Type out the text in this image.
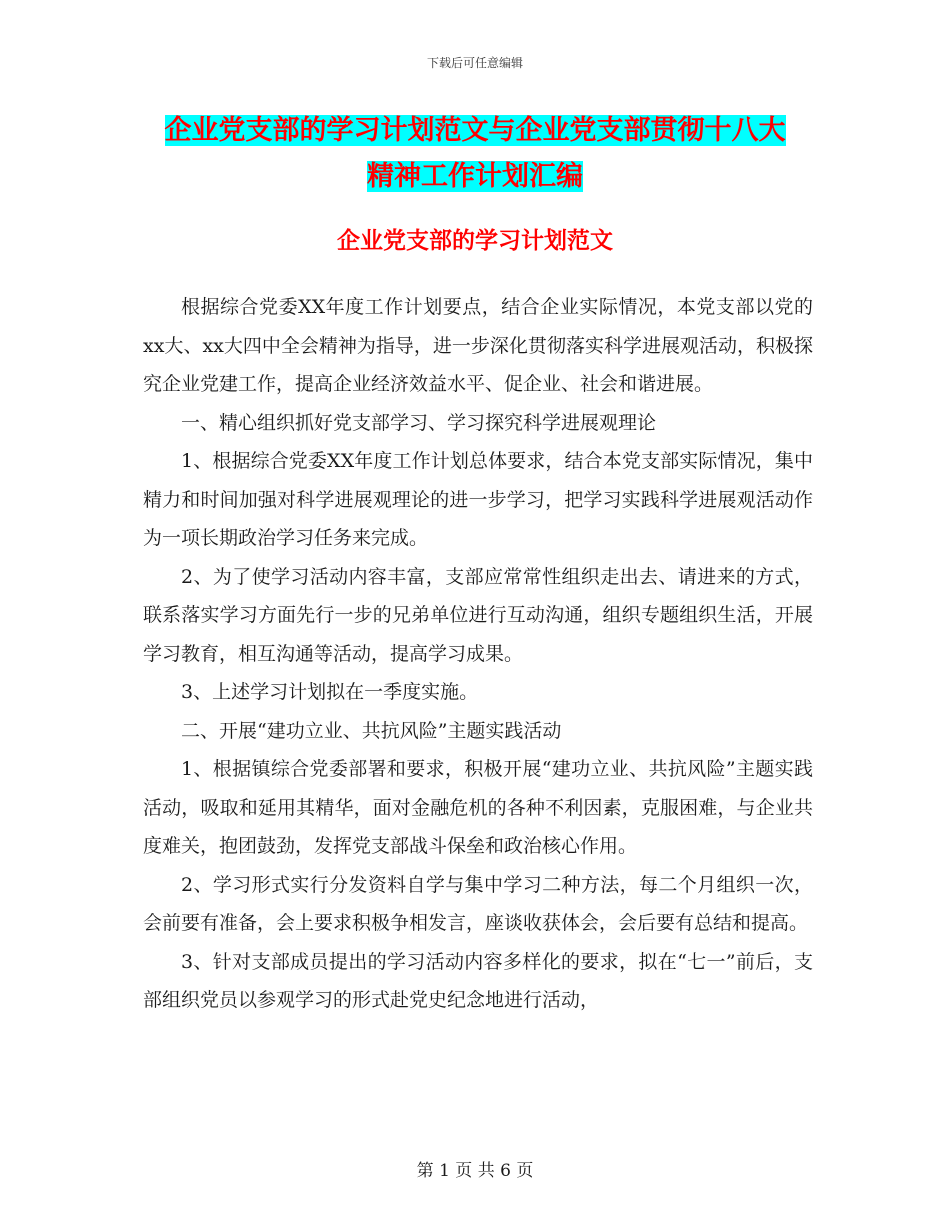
下载后可任意编辑
企业党支部的学习计划范文与企业党支部贯彻十八大
精神工作计划汇编
企业党支部的学习计划范文

根据综合党委XX年度工作计划要点，结合企业实际情况，本党支部以党的xx大、xx大四中全会精神为指导，进一步深化贯彻落实科学进展观活动，积极探究企业党建工作，提高企业经济效益水平、促企业、社会和谐进展。

一、精心组织抓好党支部学习、学习探究科学进展观理论

1、根据综合党委XX年度工作计划总体要求，结合本党支部实际情况，集中精力和时间加强对科学进展观理论的进一步学习，把学习实践科学进展观活动作为一项长期政治学习任务来完成。

2、为了使学习活动内容丰富，支部应常常性组织走出去、请进来的方式，联系落实学习方面先行一步的兄弟单位进行互动沟通，组织专题组织生活，开展学习教育，相互沟通等活动，提高学习成果。

3、上述学习计划拟在一季度实施。

二、开展“建功立业、共抗风险”主题实践活动

1、根据镇综合党委部署和要求，积极开展“建功立业、共抗风险”主题实践活动，吸取和延用其精华，面对金融危机的各种不利因素，克服困难，与企业共度难关，抱团鼓劲，发挥党支部战斗保垒和政治核心作用。

2、学习形式实行分发资料自学与集中学习二种方法，每二个月组织一次，会前要有准备，会上要求积极争相发言，座谈收获体会，会后要有总结和提高。

3、针对支部成员提出的学习活动内容多样化的要求，拟在“七一”前后，支部组织党员以参观学习的形式赴党史纪念地进行活动，

第 1 页 共 6 页
